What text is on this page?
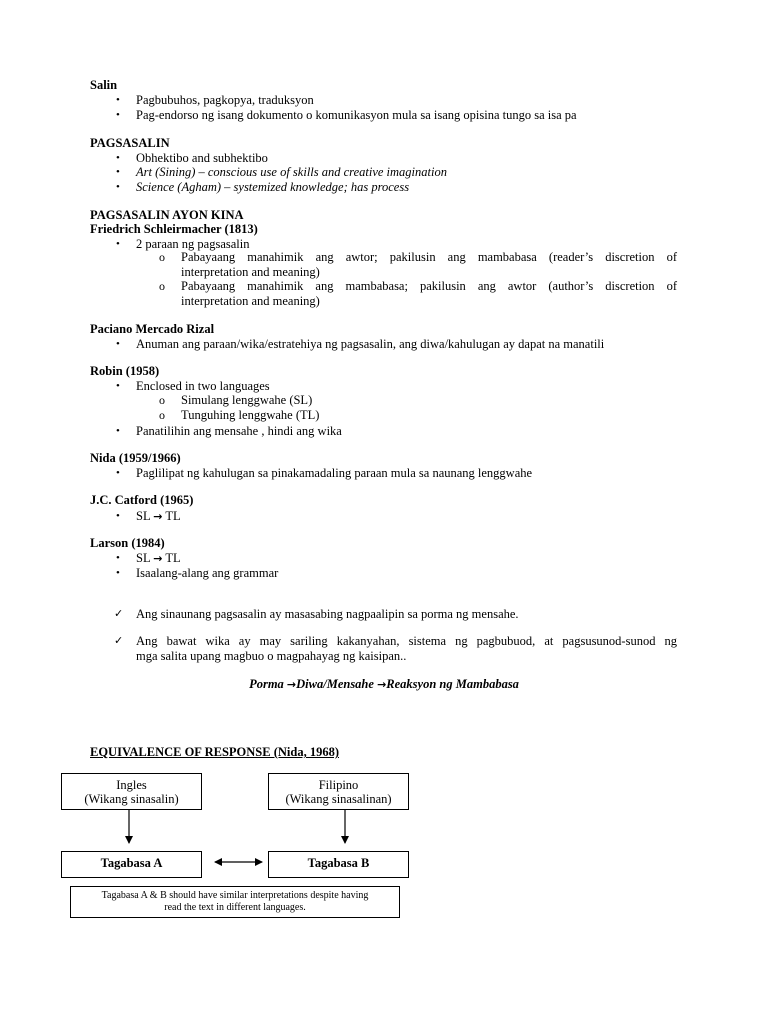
Salin
• Pagbubuhos, pagkopya, traduksyon
• Pag-endorso ng isang dokumento o komunikasyon mula sa isang opisina tungo sa isa pa
PAGSASALIN
• Obhektibo and subhektibo
• Art (Sining) – conscious use of skills and creative imagination
• Science (Agham) – systemized knowledge; has process
PAGSASALIN AYON KINA
Friedrich Schleirmacher (1813)
• 2 paraan ng pagsasalin
o Pabayaang manahimik ang awtor; pakilusin ang mambabasa (reader’s discretion of
interpretation and meaning)
o Pabayaang manahimik ang mambabasa; pakilusin ang awtor (author’s discretion of
interpretation and meaning)
Paciano Mercado Rizal
• Anuman ang paraan/wika/estratehiya ng pagsasalin, ang diwa/kahulugan ay dapat na manatili
Robin (1958)
• Enclosed in two languages
o Simulang lenggwahe (SL)
o Tunguhing lenggwahe (TL)
• Panatilihin ang mensahe , hindi ang wika
Nida (1959/1966)
• Paglilipat ng kahulugan sa pinakamadaling paraan mula sa naunang lenggwahe
J.C. Catford (1965)
• SL → TL
Larson (1984)
• SL → TL
• Isaalang-alang ang grammar
✓ Ang sinaunang pagsasalin ay masasabing nagpaalipin sa porma ng mensahe.
✓ Ang bawat wika ay may sariling kakanyahan, sistema ng pagbubuod, at pagsusunod-sunod ng
mga salita upang magbuo o magpahayag ng kaisipan..
Porma →Diwa/Mensahe →Reaksyon ng Mambabasa
EQUIVALENCE OF RESPONSE (Nida, 1968)
Ingles
(Wikang sinasalin)
Filipino
(Wikang sinasalinan)
Tagabasa A	Tagabasa B
Tagabasa A & B should have similar interpretations despite having
read the text in different languages.
